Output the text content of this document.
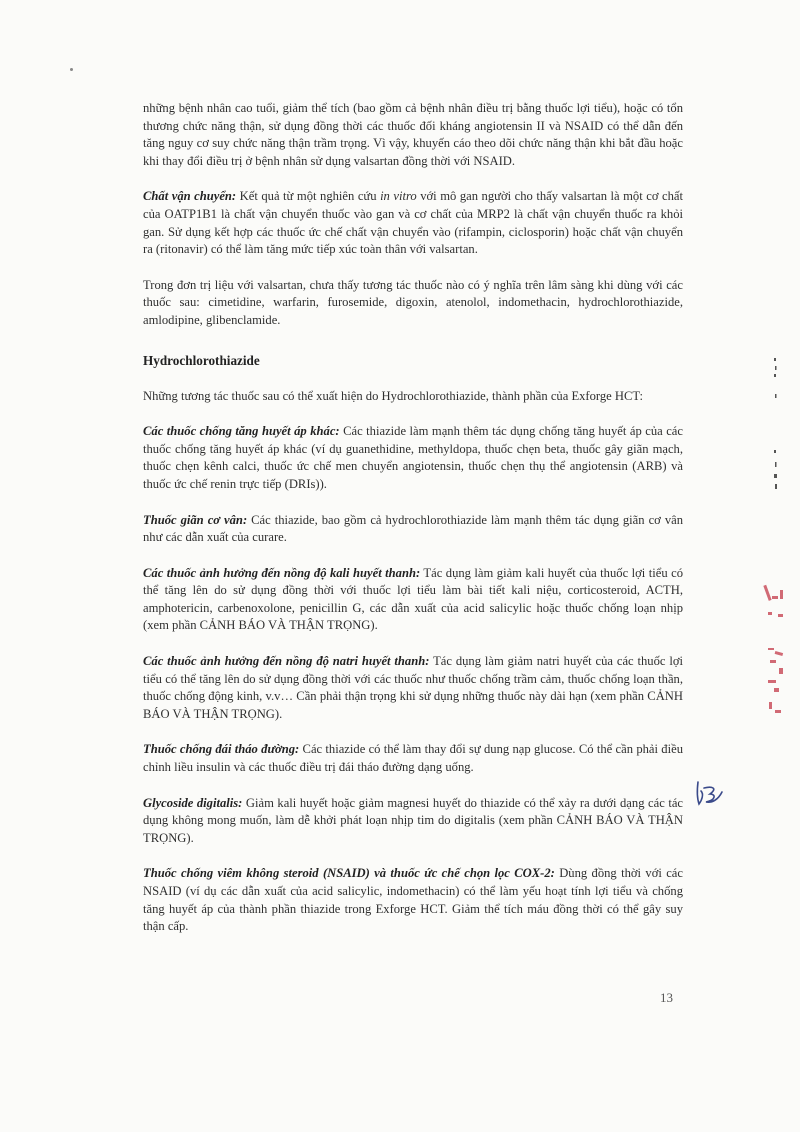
những bệnh nhân cao tuổi, giảm thể tích (bao gồm cả bệnh nhân điều trị bằng thuốc lợi tiểu), hoặc có tổn thương chức năng thận, sử dụng đồng thời các thuốc đối kháng angiotensin II và NSAID có thể dẫn đến tăng nguy cơ suy chức năng thận trầm trọng. Vì vậy, khuyến cáo theo dõi chức năng thận khi bắt đầu hoặc khi thay đổi điều trị ở bệnh nhân sử dụng valsartan đồng thời với NSAID.

Chất vận chuyển: Kết quả từ một nghiên cứu in vitro với mô gan người cho thấy valsartan là một cơ chất của OATP1B1 là chất vận chuyển thuốc vào gan và cơ chất của MRP2 là chất vận chuyển thuốc ra khỏi gan. Sử dụng kết hợp các thuốc ức chế chất vận chuyển vào (rifampin, ciclosporin) hoặc chất vận chuyển ra (ritonavir) có thể làm tăng mức tiếp xúc toàn thân với valsartan.

Trong đơn trị liệu với valsartan, chưa thấy tương tác thuốc nào có ý nghĩa trên lâm sàng khi dùng với các thuốc sau: cimetidine, warfarin, furosemide, digoxin, atenolol, indomethacin, hydrochlorothiazide, amlodipine, glibenclamide.

Hydrochlorothiazide

Những tương tác thuốc sau có thể xuất hiện do Hydrochlorothiazide, thành phần của Exforge HCT:

Các thuốc chống tăng huyết áp khác: Các thiazide làm mạnh thêm tác dụng chống tăng huyết áp của các thuốc chống tăng huyết áp khác (ví dụ guanethidine, methyldopa, thuốc chẹn beta, thuốc gây giãn mạch, thuốc chẹn kênh calci, thuốc ức chế men chuyển angiotensin, thuốc chẹn thụ thể angiotensin (ARB) và thuốc ức chế renin trực tiếp (DRIs)).

Thuốc giãn cơ vân: Các thiazide, bao gồm cả hydrochlorothiazide làm mạnh thêm tác dụng giãn cơ vân như các dẫn xuất của curare.

Các thuốc ảnh hưởng đến nồng độ kali huyết thanh: Tác dụng làm giảm kali huyết của thuốc lợi tiểu có thể tăng lên do sử dụng đồng thời với thuốc lợi tiểu làm bài tiết kali niệu, corticosteroid, ACTH, amphotericin, carbenoxolone, penicillin G, các dẫn xuất của acid salicylic hoặc thuốc chống loạn nhịp (xem phần CẢNH BÁO VÀ THẬN TRỌNG).

Các thuốc ảnh hưởng đến nồng độ natri huyết thanh: Tác dụng làm giảm natri huyết của các thuốc lợi tiểu có thể tăng lên do sử dụng đồng thời với các thuốc như thuốc chống trầm cảm, thuốc chống loạn thần, thuốc chống động kinh, v.v… Cần phải thận trọng khi sử dụng những thuốc này dài hạn (xem phần CẢNH BÁO VÀ THẬN TRỌNG).

Thuốc chống đái tháo đường: Các thiazide có thể làm thay đổi sự dung nạp glucose. Có thể cần phải điều chỉnh liều insulin và các thuốc điều trị đái tháo đường dạng uống.

Glycoside digitalis: Giảm kali huyết hoặc giảm magnesi huyết do thiazide có thể xảy ra dưới dạng các tác dụng không mong muốn, làm dễ khởi phát loạn nhịp tim do digitalis (xem phần CẢNH BÁO VÀ THẬN TRỌNG).

Thuốc chống viêm không steroid (NSAID) và thuốc ức chế chọn lọc COX-2: Dùng đồng thời với các NSAID (ví dụ các dẫn xuất của acid salicylic, indomethacin) có thể làm yếu hoạt tính lợi tiểu và chống tăng huyết áp của thành phần thiazide trong Exforge HCT. Giảm thể tích máu đồng thời có thể gây suy thận cấp.

13
